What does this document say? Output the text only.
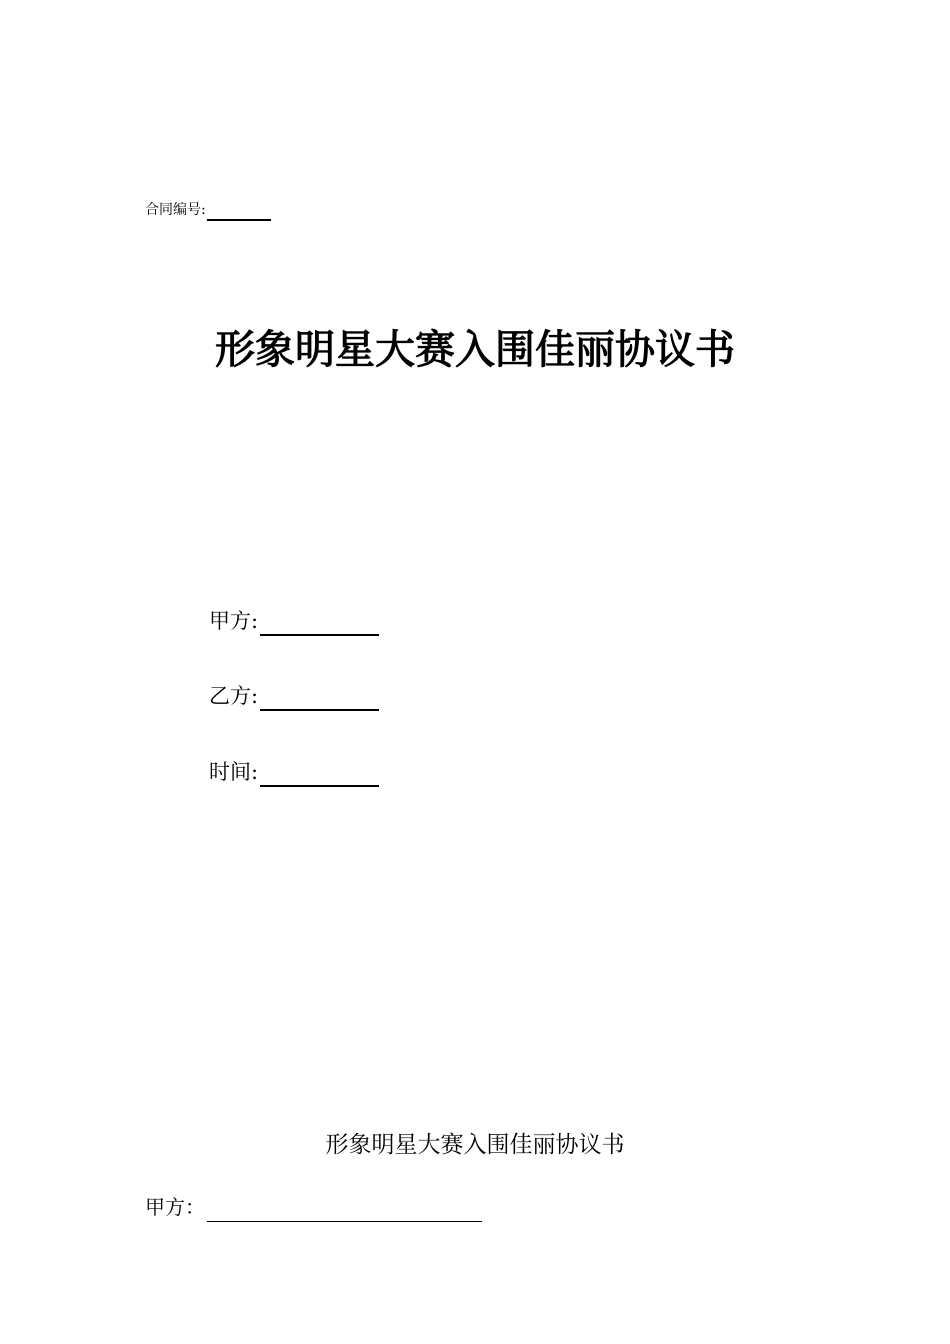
合同编号:
形象明星大赛入围佳丽协议书
甲方:
乙方:
时间:
形象明星大赛入围佳丽协议书
甲方：
